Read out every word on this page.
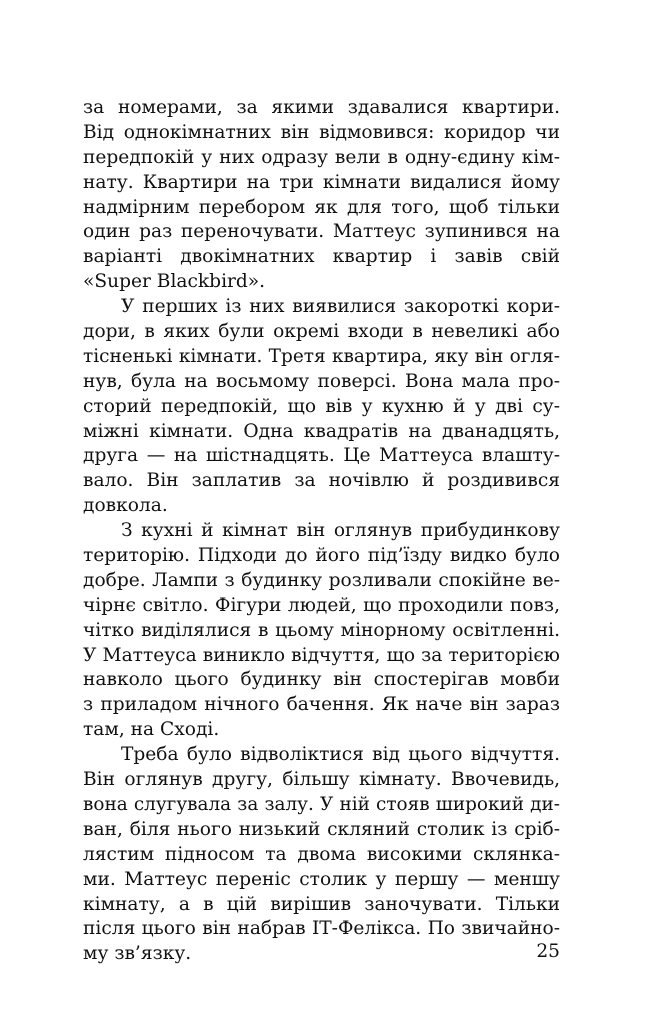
за номерами, за якими здавалися квартири.
Від однокімнатних він відмовився: коридор чи
передпокій у них одразу вели в одну-єдину кім-
нату. Квартири на три кімнати видалися йому
надмірним перебором як для того, щоб тільки
один раз переночувати. Маттеус зупинився на
варіанті двокімнатних квартир і завів свій
«Super Blackbird».
У перших із них виявилися закороткі кори-
дори, в яких були окремі входи в невеликі або
тісненькі кімнати. Третя квартира, яку він огля-
нув, була на восьмому поверсі. Вона мала про-
сторий передпокій, що вів у кухню й у дві су-
міжні кімнати. Одна квадратів на дванадцять,
друга — на шістнадцять. Це Маттеуса влашту-
вало. Він заплатив за ночівлю й роздивився
довкола.
З кухні й кімнат він оглянув прибудинкову
територію. Підходи до його під’їзду видко було
добре. Лампи з будинку розливали спокійне ве-
чірнє світло. Фігури людей, що проходили повз,
чітко виділялися в цьому мінорному освітленні.
У Маттеуса виникло відчуття, що за територією
навколо цього будинку він спостерігав мовби
з приладом нічного бачення. Як наче він зараз
там, на Сході.
Треба було відволіктися від цього відчуття.
Він оглянув другу, більшу кімнату. Ввочевидь,
вона слугувала за залу. У ній стояв широкий ди-
ван, біля нього низький скляний столик із сріб-
лястим підносом та двома високими склянка-
ми. Маттеус переніс столик у першу — меншу
кімнату, а в цій вирішив заночувати. Тільки
після цього він набрав ІТ-Фелікса. По звичайно-
му зв’язку.	25
